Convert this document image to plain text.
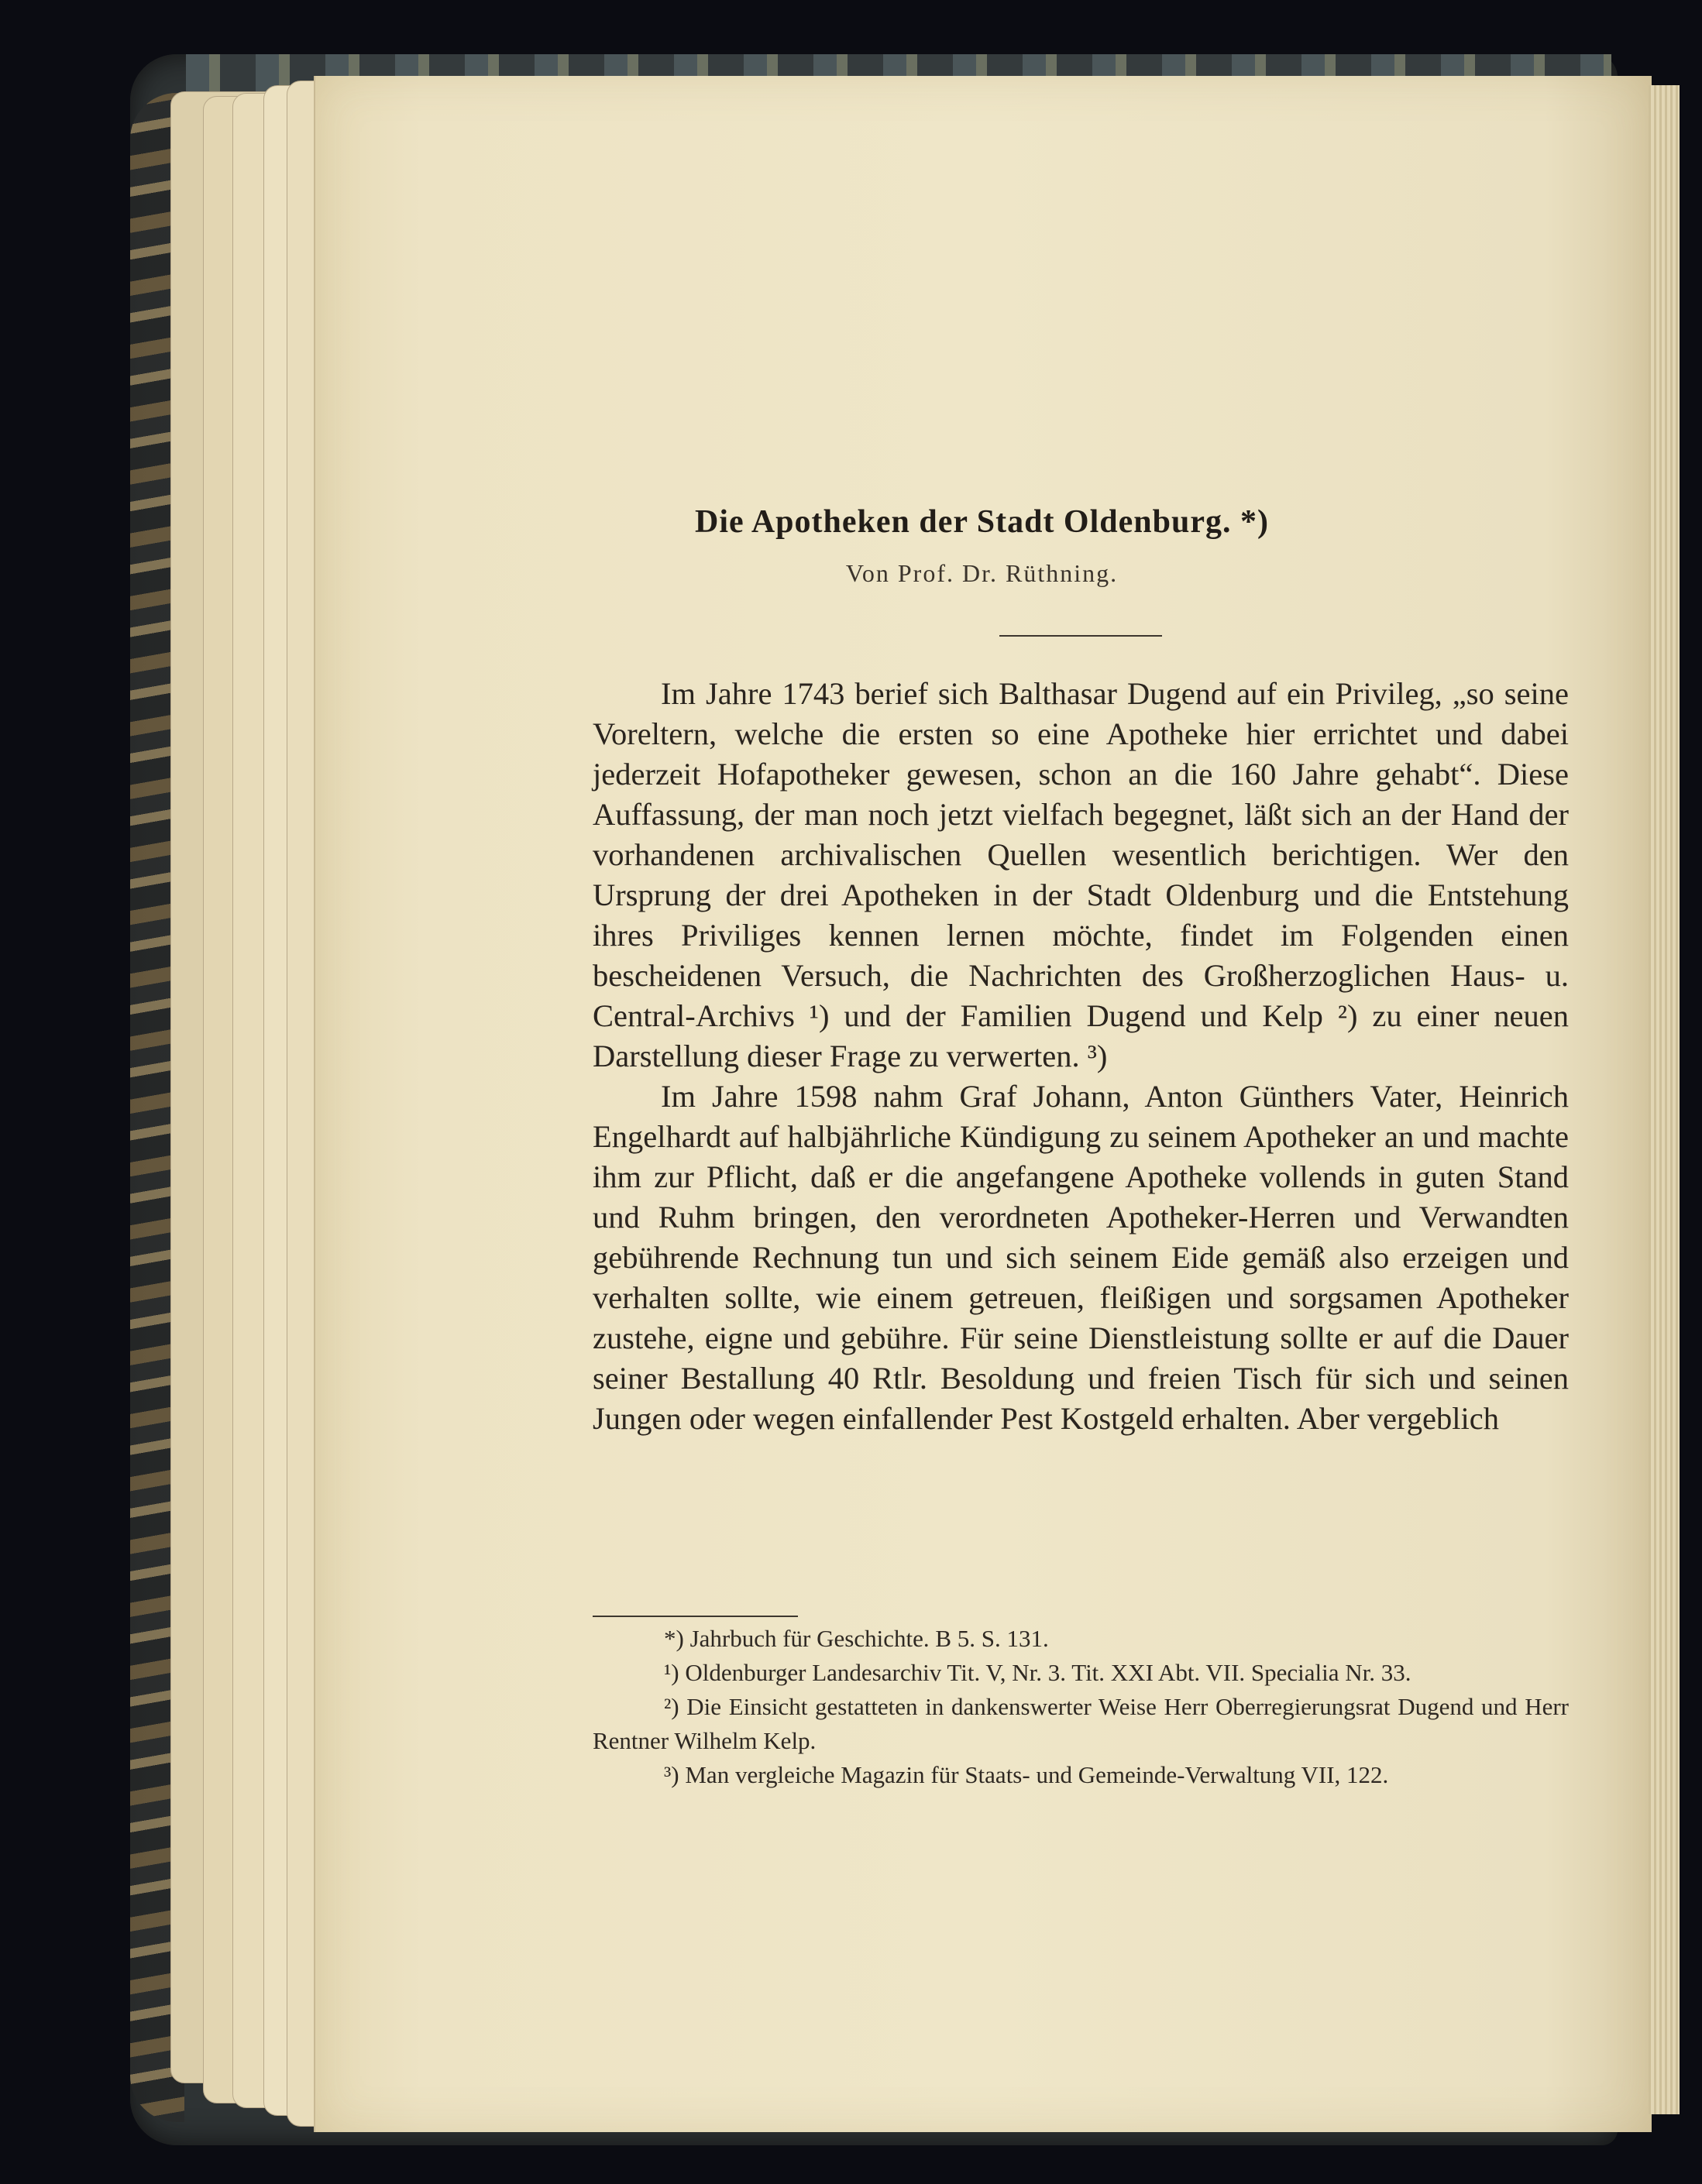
Die Apotheken der Stadt Oldenburg. *)
Von Prof. Dr. Rüthning.

Im Jahre 1743 berief sich Balthasar Dugend auf ein Privileg, „so seine Voreltern, welche die ersten so eine Apotheke hier errichtet und dabei jederzeit Hofapotheker gewesen, schon an die 160 Jahre gehabt“. Diese Auffassung, der man noch jetzt vielfach begegnet, läßt sich an der Hand der vorhandenen archivalischen Quellen wesentlich berichtigen. Wer den Ursprung der drei Apotheken in der Stadt Oldenburg und die Entstehung ihres Priviliges kennen lernen möchte, findet im Folgenden einen bescheidenen Versuch, die Nachrichten des Großherzoglichen Haus- u. Central-Archivs ¹) und der Familien Dugend und Kelp ²) zu einer neuen Darstellung dieser Frage zu verwerten. ³)

Im Jahre 1598 nahm Graf Johann, Anton Günthers Vater, Heinrich Engelhardt auf halbjährliche Kündigung zu seinem Apotheker an und machte ihm zur Pflicht, daß er die angefangene Apotheke vollends in guten Stand und Ruhm bringen, den verordneten Apotheker-Herren und Verwandten gebührende Rechnung tun und sich seinem Eide gemäß also erzeigen und verhalten sollte, wie einem getreuen, fleißigen und sorgsamen Apotheker zustehe, eigne und gebühre. Für seine Dienstleistung sollte er auf die Dauer seiner Bestallung 40 Rtlr. Besoldung und freien Tisch für sich und seinen Jungen oder wegen einfallender Pest Kostgeld erhalten. Aber vergeblich

*) Jahrbuch für Geschichte. B 5. S. 131.

¹) Oldenburger Landesarchiv Tit. V, Nr. 3. Tit. XXI Abt. VII. Specialia Nr. 33.

²) Die Einsicht gestatteten in dankenswerter Weise Herr Oberregierungsrat Dugend und Herr Rentner Wilhelm Kelp.

³) Man vergleiche Magazin für Staats- und Gemeinde-Verwaltung VII, 122.
